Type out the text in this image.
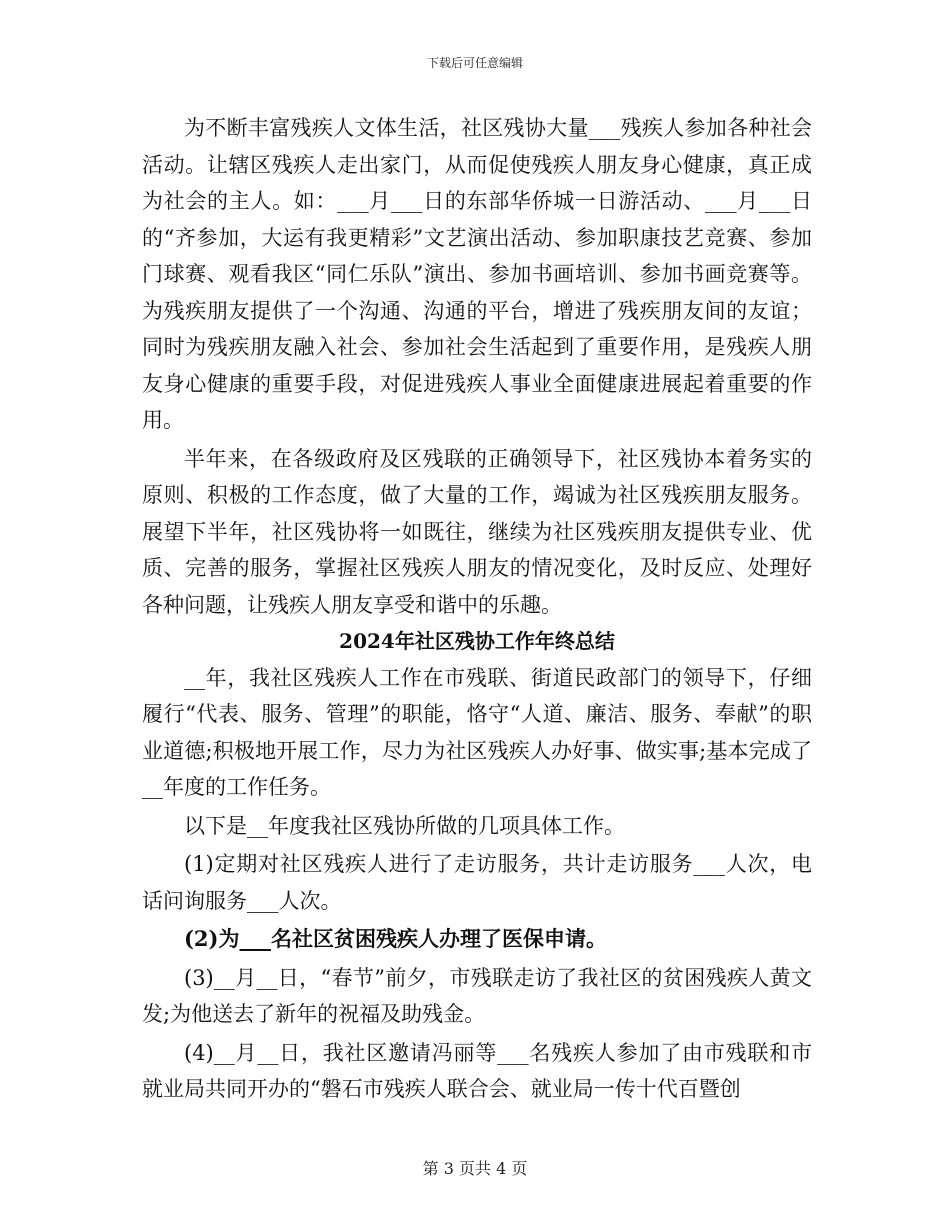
下载后可任意编辑

为不断丰富残疾人文体生活，社区残协大量___残疾人参加各种社会活动。让辖区残疾人走出家门，从而促使残疾人朋友身心健康，真正成为社会的主人。如：___月___日的东部华侨城一日游活动、___月___日的“齐参加，大运有我更精彩”文艺演出活动、参加职康技艺竞赛、参加门球赛、观看我区“同仁乐队”演出、参加书画培训、参加书画竞赛等。为残疾朋友提供了一个沟通、沟通的平台，增进了残疾朋友间的友谊；同时为残疾朋友融入社会、参加社会生活起到了重要作用，是残疾人朋友身心健康的重要手段，对促进残疾人事业全面健康进展起着重要的作用。

半年来，在各级政府及区残联的正确领导下，社区残协本着务实的原则、积极的工作态度，做了大量的工作，竭诚为社区残疾朋友服务。展望下半年，社区残协将一如既往，继续为社区残疾朋友提供专业、优质、完善的服务，掌握社区残疾人朋友的情况变化，及时反应、处理好各种问题，让残疾人朋友享受和谐中的乐趣。

2024年社区残协工作年终总结

__年，我社区残疾人工作在市残联、街道民政部门的领导下，仔细履行“代表、服务、管理”的职能，恪守“人道、廉洁、服务、奉献”的职业道德;积极地开展工作，尽力为社区残疾人办好事、做实事;基本完成了__年度的工作任务。

以下是__年度我社区残协所做的几项具体工作。

(1)定期对社区残疾人进行了走访服务，共计走访服务___人次，电话问询服务___人次。

(2)为___名社区贫困残疾人办理了医保申请。

(3)__月__日，“春节”前夕，市残联走访了我社区的贫困残疾人黄文发;为他送去了新年的祝福及助残金。

(4)__月__日，我社区邀请冯丽等___名残疾人参加了由市残联和市就业局共同开办的“磐石市残疾人联合会、就业局一传十代百暨创

第 3 页共 4 页
